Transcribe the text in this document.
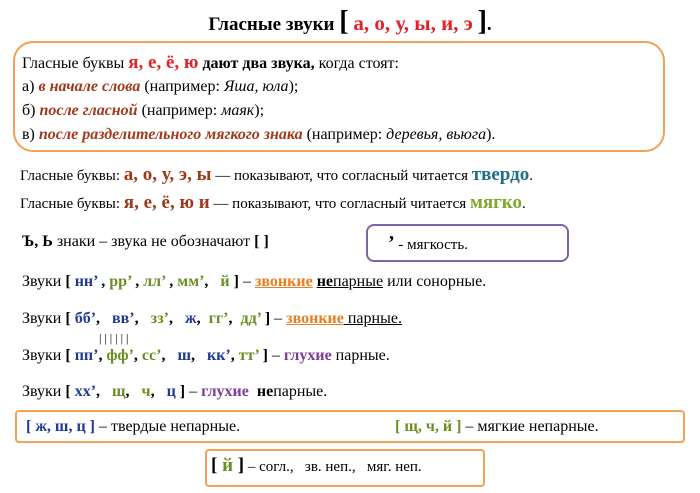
Гласные звуки [ а, о, у, ы, и, э ].
Гласные буквы я, е, ё, ю дают два звука, когда стоят:
а) в начале слова (например: Яша, юла);
б) после гласной (например: маяк);
в) после разделительного мягкого знака (например: деревья, вьюга).
Гласные буквы: а, о, у, э, ы — показывают, что согласный читается твердо.
Гласные буквы: я, е, ё, ю и — показывают, что согласный читается мягко.
Ъ, Ь знаки – звука не обозначают [ ]	’ - мягкость.
Звуки [ нн’ , рр’ , лл’ , мм’,   й ] – звонкие непарные или сонорные.
Звуки [ бб’,   вв’,   зз’,   ж,  гг’,  дд’ ] – звонкие парные.
| | | | | |
Звуки [ пп’, фф’, сс’,   ш,   кк’, тт’ ] – глухие парные.
Звуки [ хх’,   щ,   ч,   ц ] – глухие непарные.
[ ж, ш, ц ] – твердые непарные.	[ щ, ч, й ] – мягкие непарные.
[ й ] – согл.,   зв. неп.,   мяг. неп.
